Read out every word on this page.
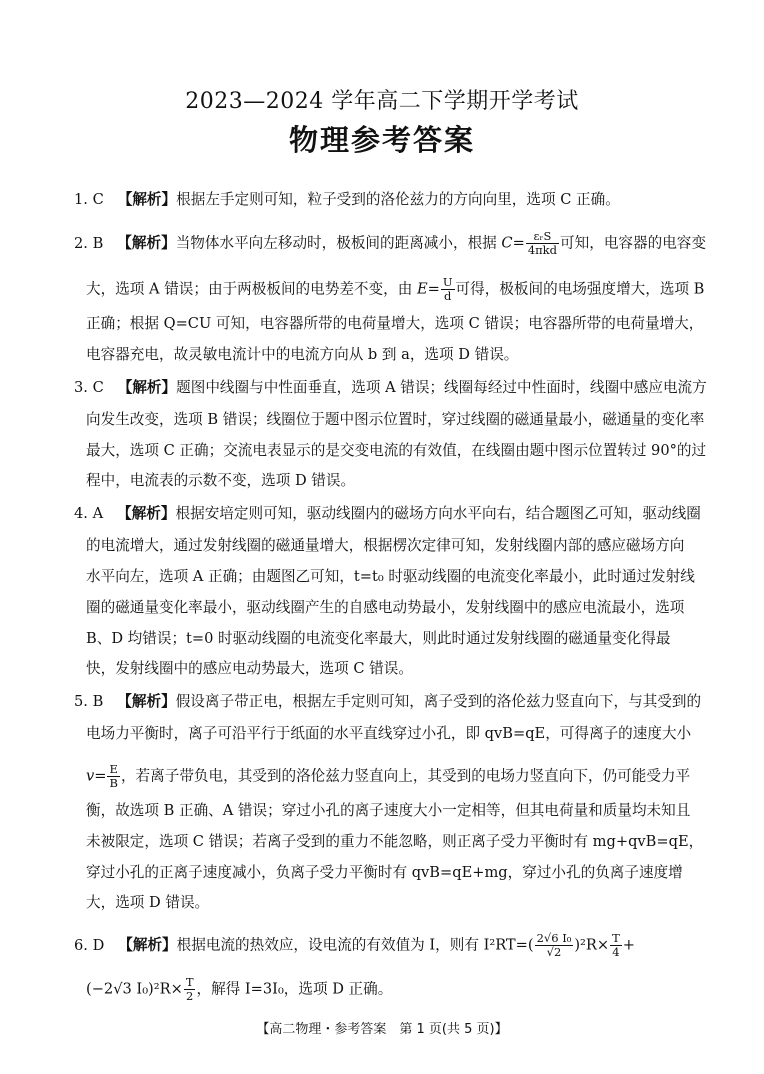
2023—2024 学年高二下学期开学考试
物理参考答案
1. C 【解析】根据左手定则可知，粒子受到的洛伦兹力的方向向里，选项 C 正确。
2. B 【解析】当物体水平向左移动时，极板间的距离减小，根据 $C= \frac{\text{εᵣS}}{\text{4πkd}}$ 可知，电容器的电容变
大，选项 A 错误；由于两极板间的电势差不变，由 $E= \frac{U}{d}$ 可得，极板间的电场强度增大，选项 B
正确；根据 Q=CU 可知，电容器所带的电荷量增大，选项 C 错误；电容器所带的电荷量增大，
电容器充电，故灵敏电流计中的电流方向从 b 到 a，选项 D 错误。
3. C 【解析】题图中线圈与中性面垂直，选项 A 错误；线圈每经过中性面时，线圈中感应电流方
向发生改变，选项 B 错误；线圈位于题中图示位置时，穿过线圈的磁通量最小，磁通量的变化率
最大，选项 C 正确；交流电表显示的是交变电流的有效值，在线圈由题中图示位置转过 90°的过
程中，电流表的示数不变，选项 D 错误。
4. A 【解析】根据安培定则可知，驱动线圈内的磁场方向水平向右，结合题图乙可知，驱动线圈
的电流增大，通过发射线圈的磁通量增大，根据楞次定律可知，发射线圈内部的感应磁场方向
水平向左，选项 A 正确；由题图乙可知，t=t₀ 时驱动线圈的电流变化率最小，此时通过发射线
圈的磁通量变化率最小，驱动线圈产生的自感电动势最小，发射线圈中的感应电流最小，选项
B、D 均错误；t=0 时驱动线圈的电流变化率最大，则此时通过发射线圈的磁通量变化得最
快，发射线圈中的感应电动势最大，选项 C 错误。
5. B 【解析】假设离子带正电，根据左手定则可知，离子受到的洛伦兹力竖直向下，与其受到的
电场力平衡时，离子可沿平行于纸面的水平直线穿过小孔，即 qvB=qE，可得离子的速度大小
$v= \frac{E}{B}$ ，若离子带负电，其受到的洛伦兹力竖直向上，其受到的电场力竖直向下，仍可能受力平
衡，故选项 B 正确、A 错误；穿过小孔的离子速度大小一定相等，但其电荷量和质量均未知且
未被限定，选项 C 错误；若离子受到的重力不能忽略，则正离子受力平衡时有 mg+qvB=qE，
穿过小孔的正离子速度减小，负离子受力平衡时有 qvB=qE+mg，穿过小孔的负离子速度增
大，选项 D 错误。
6. D 【解析】根据电流的热效应，设电流的有效值为 I，则有 $I^2RT=( \frac{\text{2√6 I₀}}{√2} )^2R\times \frac{T}{4}$ +
(−2√3 $I_0)^2R\times \frac{T}{2}$ ，解得 I=3I₀，选项 D 正确。
【高二物理・参考答案　第 1 页(共 5 页)】
